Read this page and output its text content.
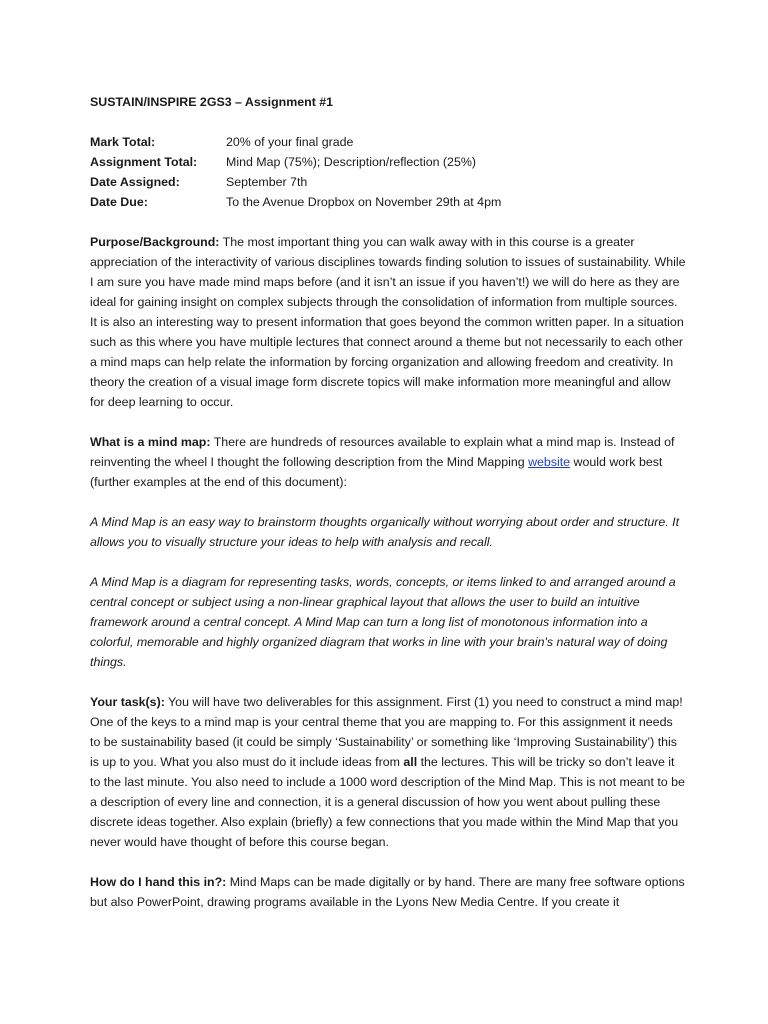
SUSTAIN/INSPIRE 2GS3 – Assignment #1
Mark Total:	20% of your final grade
Assignment Total:	Mind Map (75%); Description/reflection (25%)
Date Assigned:	September 7th
Date Due:	To the Avenue Dropbox on November 29th at 4pm

Purpose/Background: The most important thing you can walk away with in this course is a greater appreciation of the interactivity of various disciplines towards finding solution to issues of sustainability. While I am sure you have made mind maps before (and it isn’t an issue if you haven’t!) we will do here as they are ideal for gaining insight on complex subjects through the consolidation of information from multiple sources. It is also an interesting way to present information that goes beyond the common written paper. In a situation such as this where you have multiple lectures that connect around a theme but not necessarily to each other a mind maps can help relate the information by forcing organization and allowing freedom and creativity. In theory the creation of a visual image form discrete topics will make information more meaningful and allow for deep learning to occur.

What is a mind map: There are hundreds of resources available to explain what a mind map is. Instead of reinventing the wheel I thought the following description from the Mind Mapping website would work best (further examples at the end of this document):

A Mind Map is an easy way to brainstorm thoughts organically without worrying about order and structure. It allows you to visually structure your ideas to help with analysis and recall.

A Mind Map is a diagram for representing tasks, words, concepts, or items linked to and arranged around a central concept or subject using a non-linear graphical layout that allows the user to build an intuitive framework around a central concept. A Mind Map can turn a long list of monotonous information into a colorful, memorable and highly organized diagram that works in line with your brain's natural way of doing things.

Your task(s): You will have two deliverables for this assignment. First (1) you need to construct a mind map! One of the keys to a mind map is your central theme that you are mapping to. For this assignment it needs to be sustainability based (it could be simply ‘Sustainability’ or something like ‘Improving Sustainability’) this is up to you. What you also must do it include ideas from all the lectures. This will be tricky so don’t leave it to the last minute. You also need to include a 1000 word description of the Mind Map. This is not meant to be a description of every line and connection, it is a general discussion of how you went about pulling these discrete ideas together. Also explain (briefly) a few connections that you made within the Mind Map that you never would have thought of before this course began.

How do I hand this in?: Mind Maps can be made digitally or by hand. There are many free software options but also PowerPoint, drawing programs available in the Lyons New Media Centre. If you create it
